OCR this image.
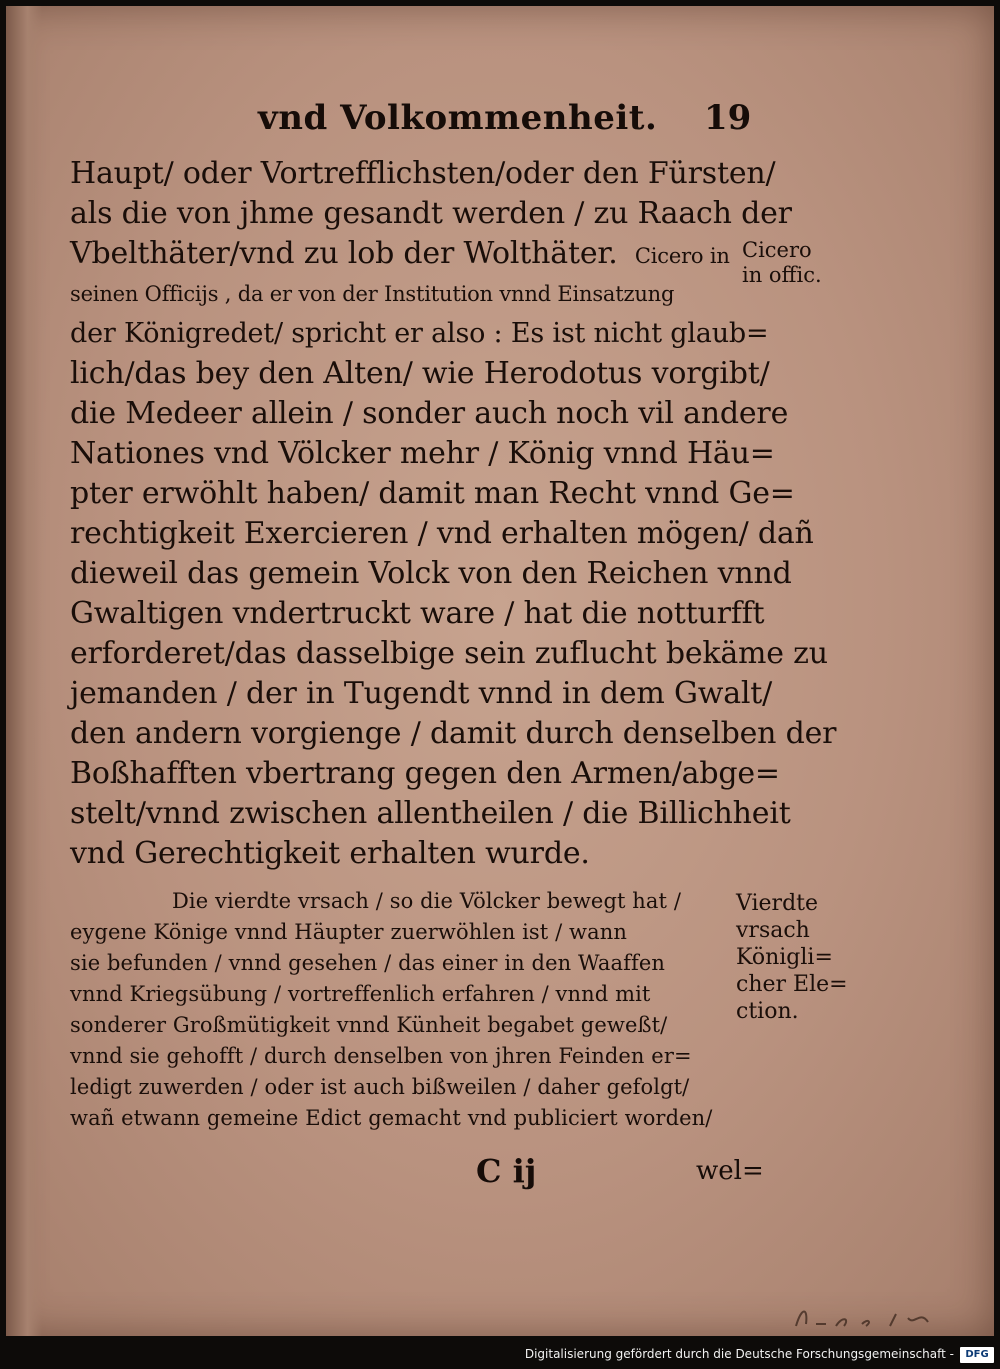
vnd Volkommenheit. 19
Haupt/ oder Vortrefflichsten/oder den Fürsten/
als die von jhme gesandt werden / zu Raach der
Vbelthäter/vnd zu lob der Wolthäter. Cicero in
seinen Officijs , da er von der Institution vnnd Einsatzung
der Königredet/ spricht er also : Es ist nicht glaub=
lich/das bey den Alten/ wie Herodotus vorgibt/
die Medeer allein / sonder auch noch vil andere
Nationes vnd Völcker mehr / König vnnd Häu=
pter erwöhlt haben/ damit man Recht vnnd Ge=
rechtigkeit Exercieren / vnd erhalten mögen/ dañ
dieweil das gemein Volck von den Reichen vnnd
Gwaltigen vndertruckt ware / hat die notturfft
erforderet/das dasselbige sein zuflucht bekäme zu
jemanden / der in Tugendt vnnd in dem Gwalt/
den andern vorgienge / damit durch denselben der
Boßhafften vbertrang gegen den Armen/abge=
stelt/vnnd zwischen allentheilen / die Billichheit
vnd Gerechtigkeit erhalten wurde.
Cicero
in offic.
Die vierdte vrsach / so die Völcker bewegt hat /
eygene Könige vnnd Häupter zuerwöhlen ist / wann
sie befunden / vnnd gesehen / das einer in den Waaffen
vnnd Kriegsübung / vortreffenlich erfahren / vnnd mit
sonderer Großmütigkeit vnnd Künheit begabet geweßt/
vnnd sie gehofft / durch denselben von jhren Feinden er=
ledigt zuwerden / oder ist auch bißweilen / daher gefolgt/
wañ etwann gemeine Edict gemacht vnd publiciert worden/
Vierdte
vrsach
Königli=
cher Ele=
ction.
C ij	wel=
Digitalisierung gefördert durch die Deutsche Forschungsgemeinschaft -	DFG
